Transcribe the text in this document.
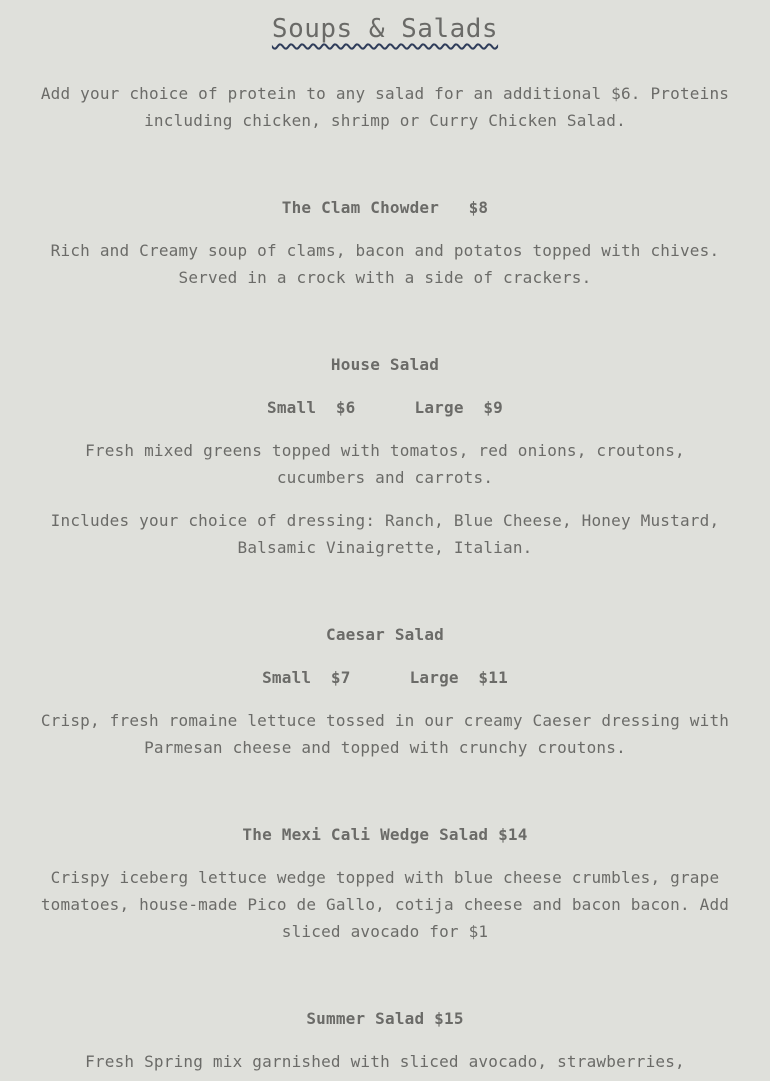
Soups & Salads
Add your choice of protein to any salad for an additional $6. Proteins including chicken, shrimp or Curry Chicken Salad.
The Clam Chowder   $8
Rich and Creamy soup of clams, bacon and potatos topped with chives. Served in a crock with a side of crackers.
House Salad
Small  $6      Large  $9
Fresh mixed greens topped with tomatos, red onions, croutons, cucumbers and carrots.
Includes your choice of dressing: Ranch, Blue Cheese, Honey Mustard, Balsamic Vinaigrette, Italian.
Caesar Salad
Small  $7      Large  $11
Crisp, fresh romaine lettuce tossed in our creamy Caeser dressing with Parmesan cheese and topped with crunchy croutons.
The Mexi Cali Wedge Salad $14
Crispy iceberg lettuce wedge topped with blue cheese crumbles, grape tomatoes, house-made Pico de Gallo, cotija cheese and bacon bacon. Add sliced avocado for $1
Summer Salad $15
Fresh Spring mix garnished with sliced avocado, strawberries,
